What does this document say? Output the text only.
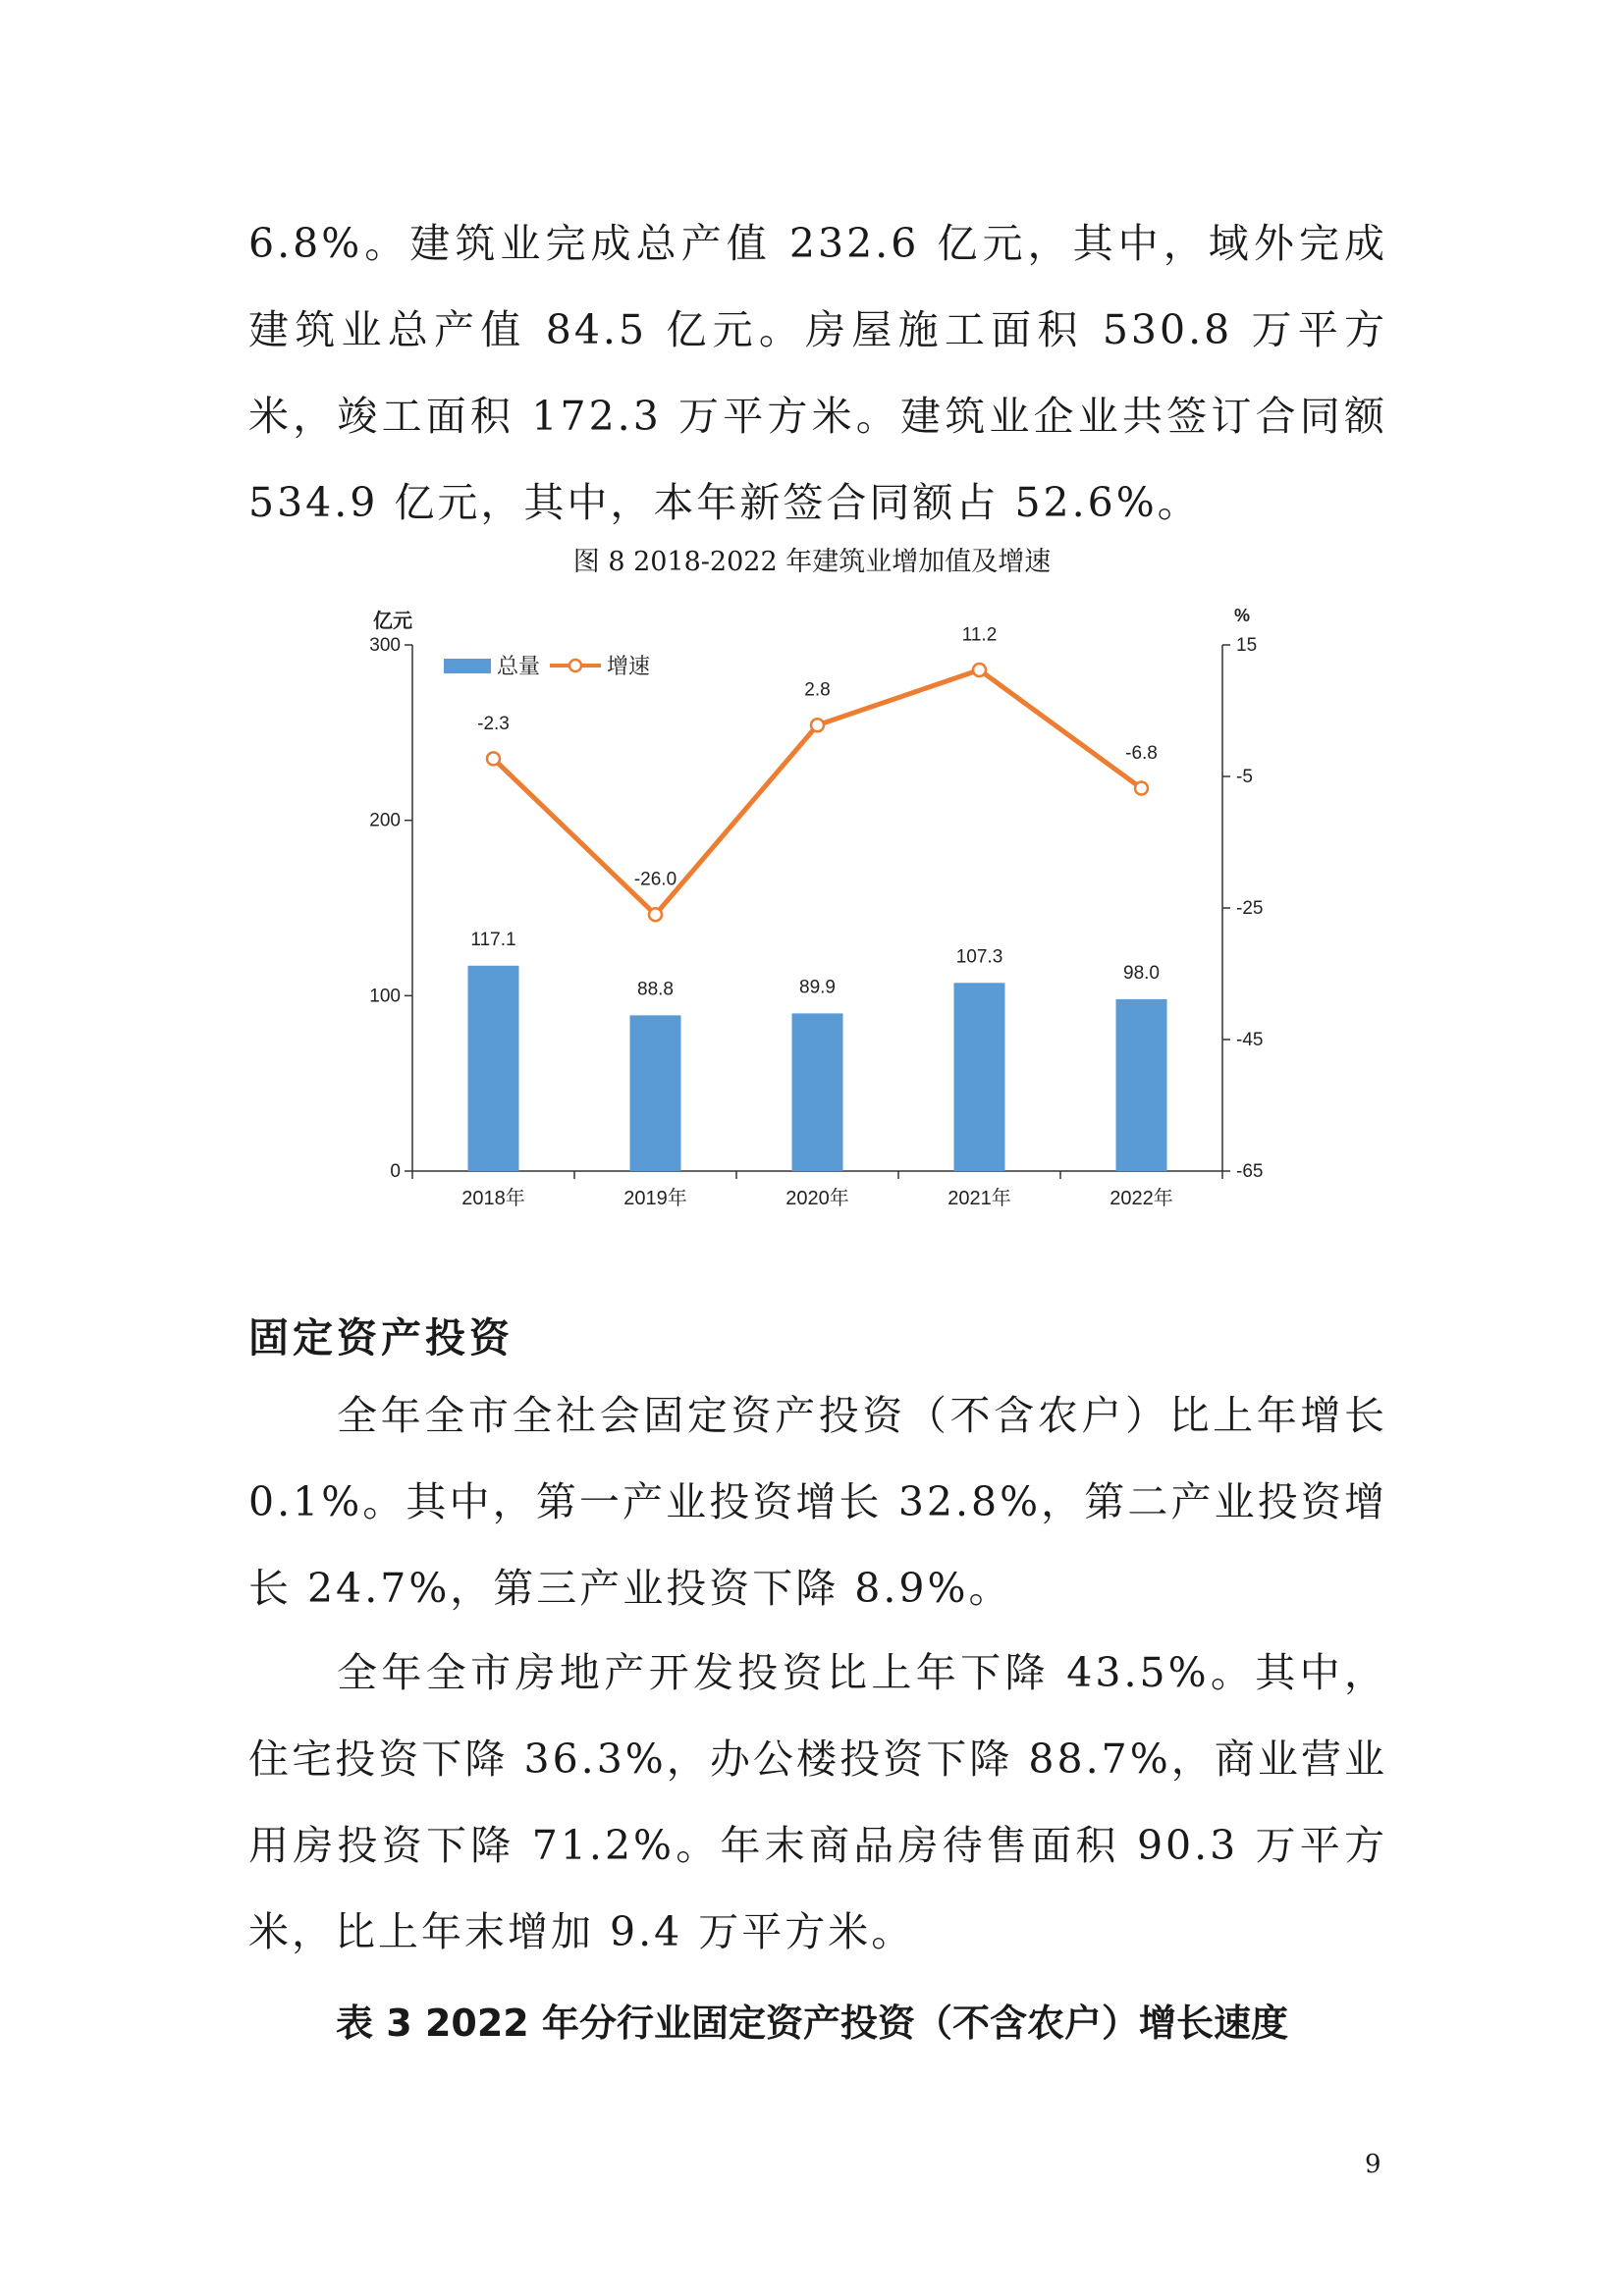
6.8%。建筑业完成总产值 232.6 亿元，其中，域外完成建筑业总产值 84.5 亿元。房屋施工面积 530.8 万平方米，竣工面积 172.3 万平方米。建筑业企业共签订合同额 534.9 亿元，其中，本年新签合同额占 52.6%。

图 8 2018-2022 年建筑业增加值及增速
0
100
200
300
亿元
-65
-45
-25
-5
15
%
2018年	2019年	2020年	2021年	2022年
117.1
88.8	89.9
107.3
98.0
-2.3
-26.0
2.8
11.2
-6.8
总量	增速
固定资产投资

全年全市全社会固定资产投资（不含农户）比上年增长 0.1%。其中，第一产业投资增长 32.8%，第二产业投资增长 24.7%，第三产业投资下降 8.9%。

全年全市房地产开发投资比上年下降 43.5%。其中，住宅投资下降 36.3%，办公楼投资下降 88.7%，商业营业用房投资下降 71.2%。年末商品房待售面积 90.3 万平方米，比上年末增加 9.4 万平方米。

表 3 2022 年分行业固定资产投资（不含农户）增长速度
9
